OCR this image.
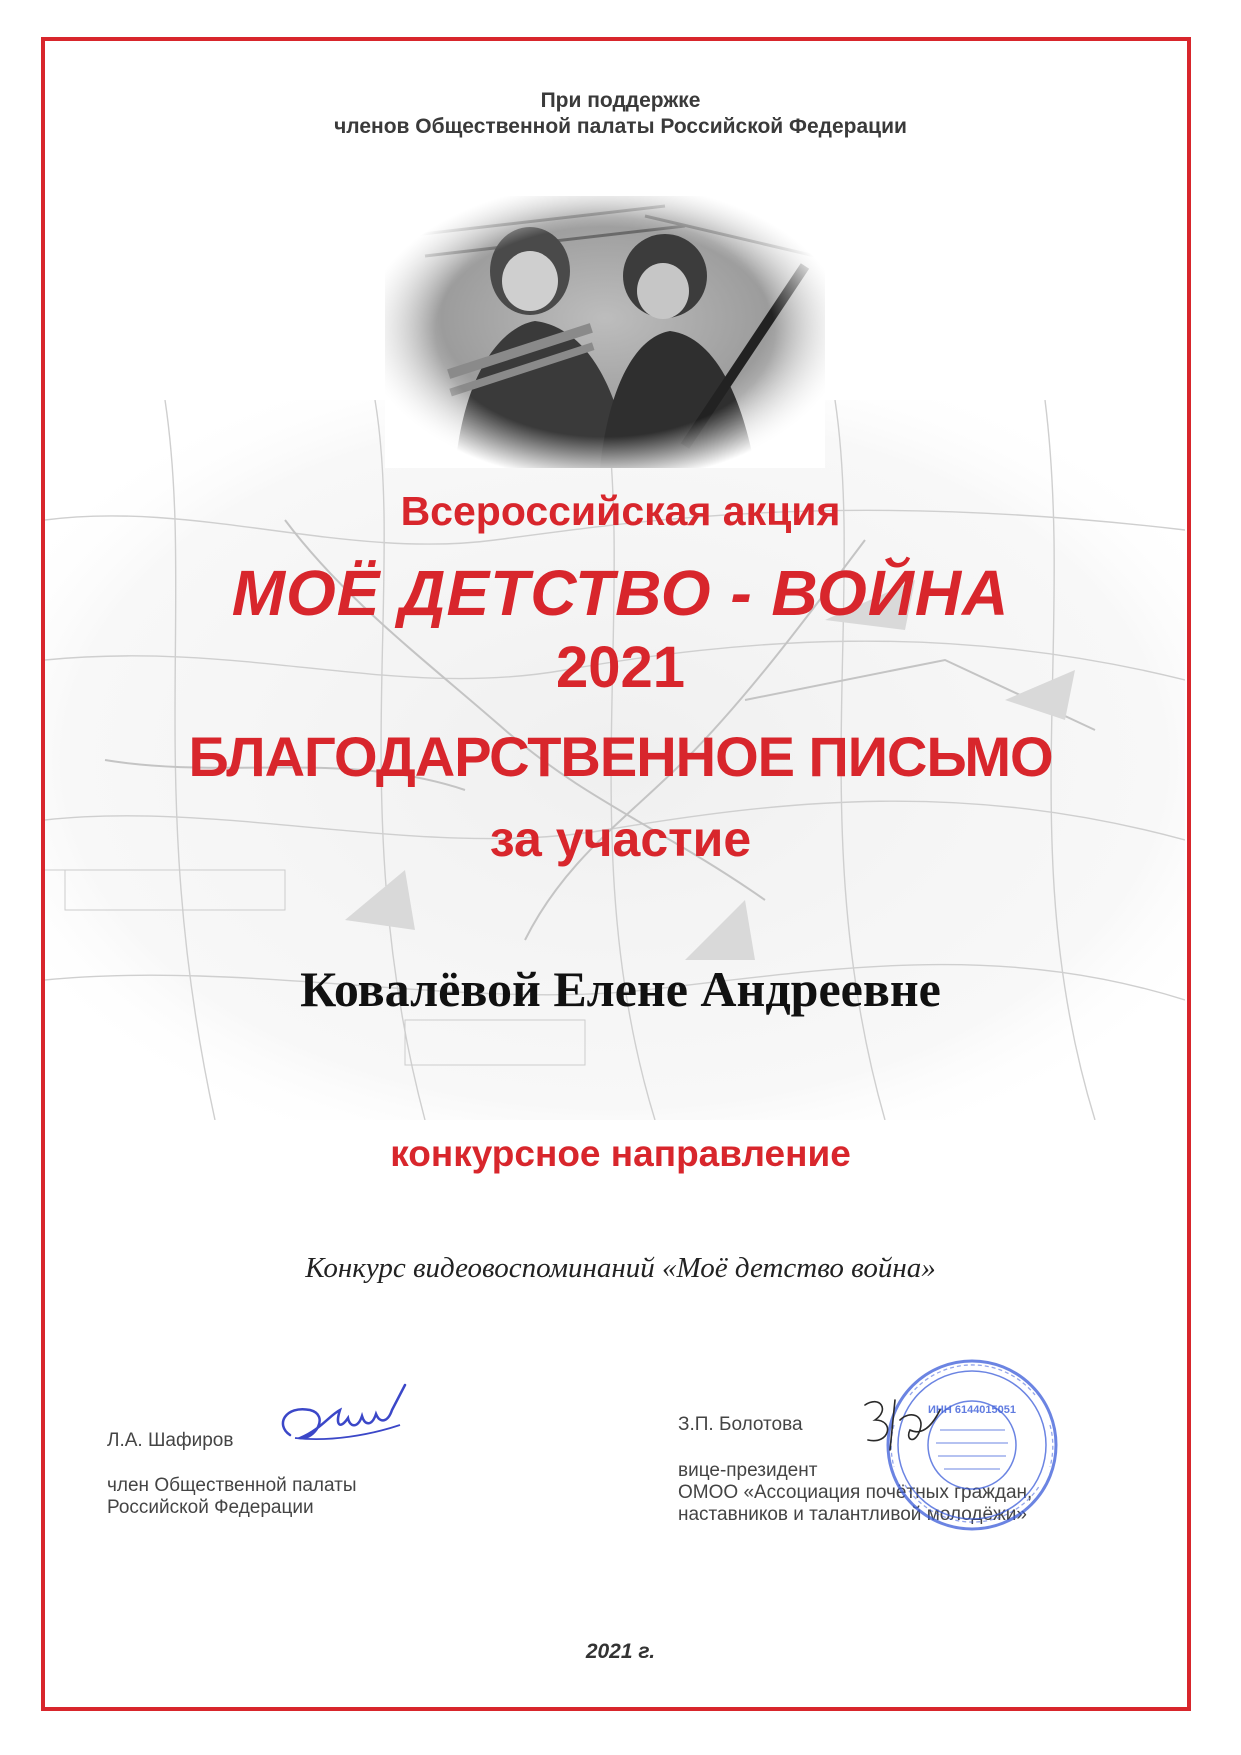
При поддержке
членов Общественной палаты Российской Федерации
Всероссийская акция
МОЁ ДЕТСТВО - ВОЙНА
2021
БЛАГОДАРСТВЕННОЕ ПИСЬМО
за участие
Ковалёвой Елене Андреевне
конкурсное направление
Конкурс видеовоспоминаний «Моё детство война»
Л.А. Шафиров
член Общественной палаты
Российской Федерации
З.П. Болотова
вице-президент
ОМОО «Ассоциация почётных граждан,
наставников и талантливой молодёжи»
ИНН 6144015051
2021 г.
